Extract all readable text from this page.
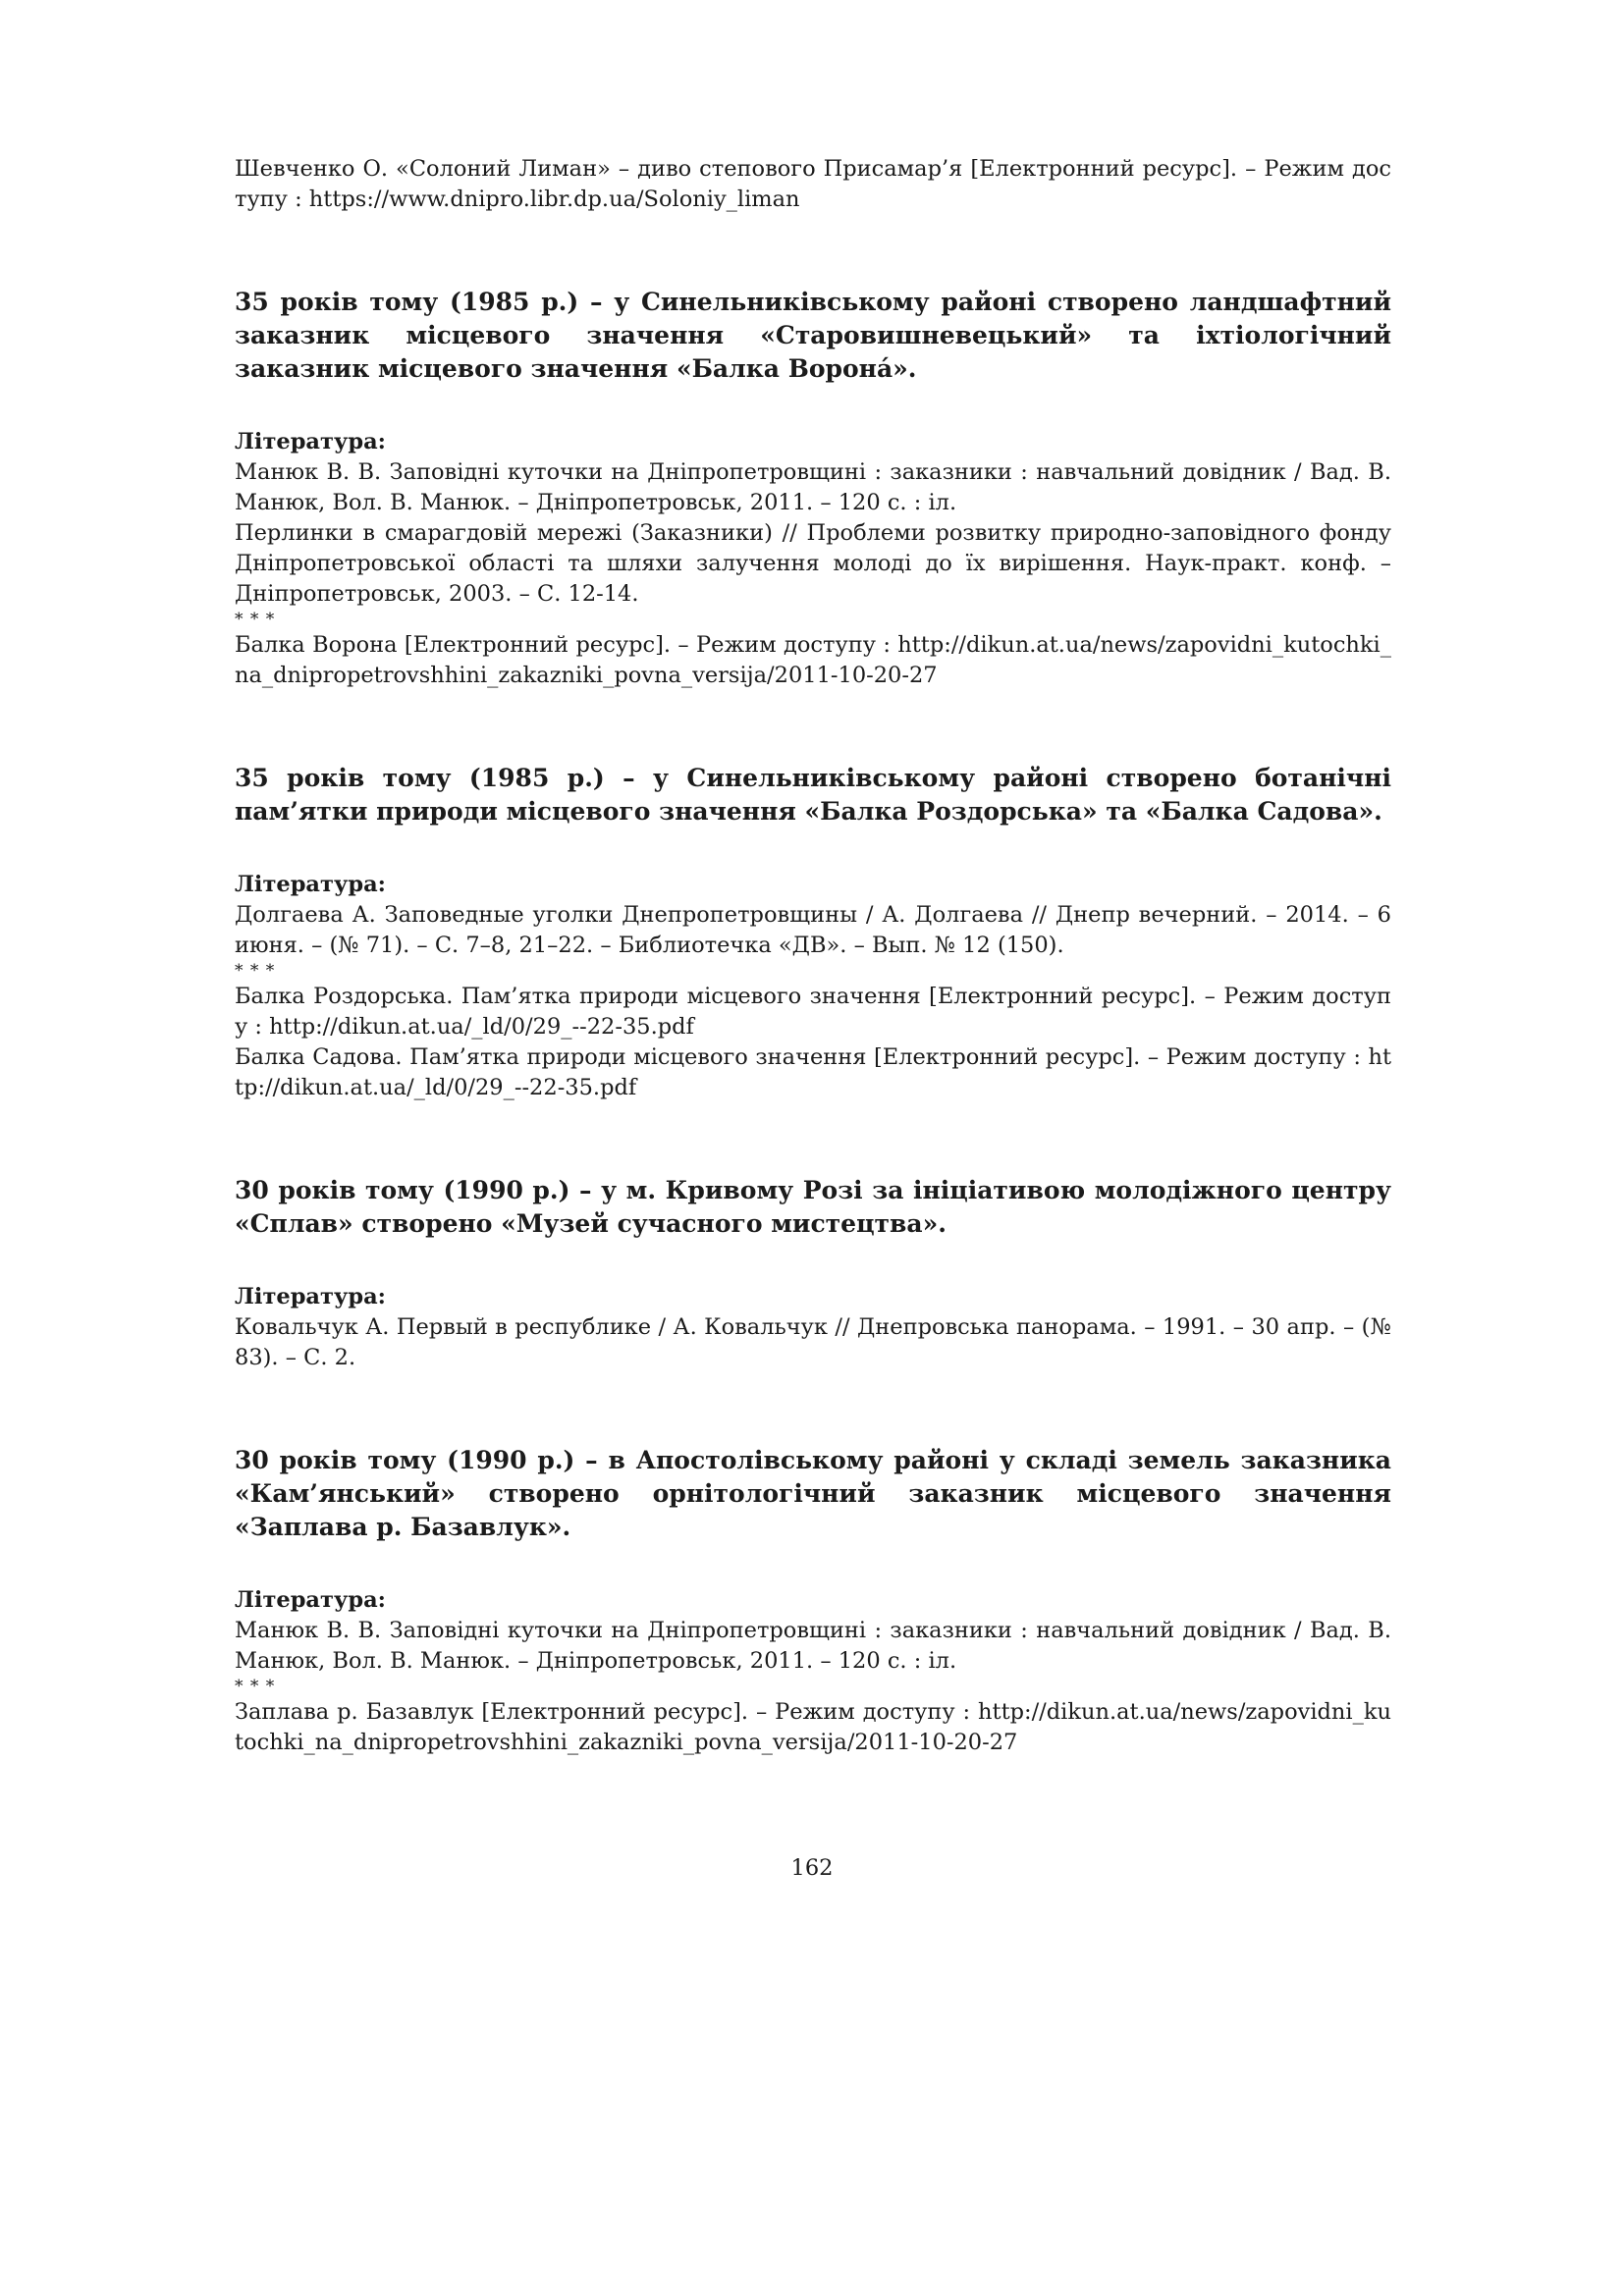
Шевченко О. «Солоний Лиман» – диво степового Присамар’я [Електронний ресурс]. – Режим доступу : https://www.dnipro.libr.dp.ua/Soloniy_liman

35 років тому (1985 р.) – у Синельниківському районі створено ландшафтний заказник місцевого значення «Старовишневецький» та іхтіологічний заказник місцевого значення «Балка Воронá».

Література:

Манюк В. В. Заповідні куточки на Дніпропетровщині : заказники : навчальний довідник / Вад. В. Манюк, Вол. В. Манюк. – Дніпропетровськ, 2011. – 120 с. : іл.

Перлинки в смарагдовій мережі (Заказники) // Проблеми розвитку природно-заповідного фонду Дніпропетровської області та шляхи залучення молоді до їх вирішення. Наук-практ. конф. – Дніпропетровськ, 2003. – С. 12-14.

* * *

Балка Ворона [Електронний ресурс]. – Режим доступу : http://dikun.at.ua/news/zapovidni_kutochki_na_dnipropetrovshhini_zakazniki_povna_versija/2011-10-20-27

35 років тому (1985 р.) – у Синельниківському районі створено ботанічні пам’ятки природи місцевого значення «Балка Роздорська» та «Балка Садова».

Література:

Долгаева А. Заповедные уголки Днепропетровщины / А. Долгаева // Днепр вечерний. – 2014. – 6 июня. – (№ 71). – С. 7–8, 21–22. – Библиотечка «ДВ». – Вып. № 12 (150).

* * *

Балка Роздорська. Пам’ятка природи місцевого значення [Електронний ресурс]. – Режим доступу : http://dikun.at.ua/_ld/0/29_--22-35.pdf

Балка Садова. Пам’ятка природи місцевого значення [Електронний ресурс]. – Режим доступу : http://dikun.at.ua/_ld/0/29_--22-35.pdf

30 років тому (1990 р.) – у м. Кривому Розі за ініціативою молодіжного центру «Сплав» створено «Музей сучасного мистецтва».

Література:

Ковальчук А. Первый в республике / А. Ковальчук // Днепровська панорама. – 1991. – 30 апр. – (№ 83). – С. 2.

30 років тому (1990 р.) – в Апостолівському районі у складі земель заказника «Кам’янський» створено орнітологічний заказник місцевого значення «Заплава р. Базавлук».

Література:

Манюк В. В. Заповідні куточки на Дніпропетровщині : заказники : навчальний довідник / Вад. В. Манюк, Вол. В. Манюк. – Дніпропетровськ, 2011. – 120 с. : іл.

* * *

Заплава р. Базавлук [Електронний ресурс]. – Режим доступу : http://dikun.at.ua/news/zapovidni_kutochki_na_dnipropetrovshhini_zakazniki_povna_versija/2011-10-20-27

162
